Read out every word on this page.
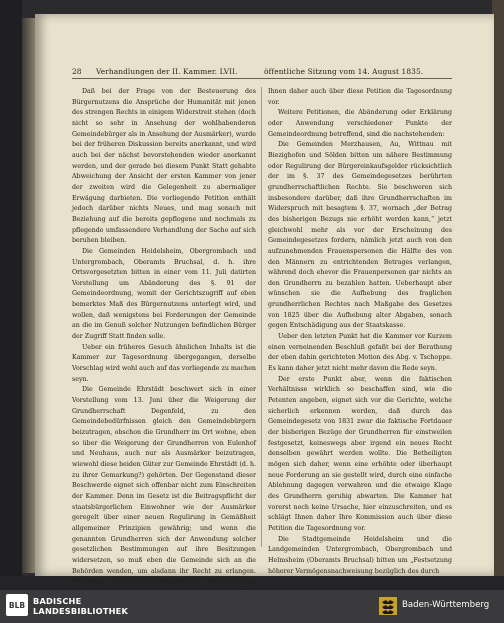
28 Verhandlungen der II. Kammer. LVII.	öffentliche Sitzung vom 14. August 1835.

Daß bei der Frage von der Besteuerung des Bürgernutzens die Ansprüche der Humanität mit jenen des strengen Rechts in einigem Widerstreit stehen (doch nicht so sehr in Ansehung der wohlhabenderen Gemeindebürger als in Ansehung der Ausmärker), wurde bei der früheren Diskussion bereits anerkannt, und wird auch bei der nächst bevorstehenden wieder anerkannt werden, und der gerade bei diesem Punkt Statt gehabte Abweichung der Ansicht der ersten Kammer von jener der zweiten wird die Gelegenheit zu abermaliger Erwägung darbieten. Die vorliegende Petition enthält jedoch darüber nichts Neues, und mag sonach mit Beziehung auf die bereits gepflogene und nochmals zu pflegende umfassendere Verhandlung der Sache auf sich beruhen bleiben.

Die Gemeinden Heidelsheim, Obergrombach und Untergrombach, Oberamts Bruchsal, d. h. ihre Ortsvorgesetzten bitten in einer vom 11. Juli datirten Vorstellung um Abänderung des §. 91 der Gemeindeordnung, womit der Gerichtszugriff auf eben bemerktes Maß des Bürgernutzens unterlegt wird, und wollen, daß wenigstens bei Forderungen der Gemeinde an die im Genuß solcher Nutzungen befindlichen Bürger der Zugriff Statt finden solle.

Ueber ein früheres Gesuch ähnlichen Inhalts ist die Kammer zur Tagesordnung übergegangen, derselbe Vorschlag wird wohl auch auf das vorliegende zu machen seyn.

Die Gemeinde Ehrstädt beschwert sich in einer Vorstellung vom 13. Juni über die Weigerung der Grundherrschaft Degenfeld, zu den Gemeindebedürfnissen gleich den Gemeindebürgern beizutragen, obschon die Grundherr im Ort wohne, eben so über die Weigerung der Grundherren von Eulenhof und Neuhaus, auch nur als Ausmärker beizutragen, wiewohl diese beiden Güter zur Gemeinde Ehrstädt (d. h. zu ihrer Gemarkung?) gehörten. Der Gegenstand dieser Beschwerde eignet sich offenbar nicht zum Einschreiten der Kammer. Denn im Gesetz ist die Beitragspflicht der staatsbürgerlichen Einwohner wie der Ausmärker geregelt über einer neuen Regulirung in Gemäßheit allgemeiner Prinzipien gewährig; und wenn die genannten Grundherren sich der Anwendung solcher gesetzlichen Bestimmungen auf ihre Besitzungen widersetzen, so muß eben die Gemeinde sich an die Behörden wenden, um alsdann ihr Recht zu erlangen. Erst wenn — wie nicht zu erwarten ist — solche Schritte

Ihnen daher auch über diese Petition die Tagesordnung vor.

Weitere Petitionen, die Abänderung oder Erklärung oder Anwendung verschiedener Punkte der Gemeindeordnung betreffend, sind die nachstehenden:

Die Gemeinden Merzhausen, Au, Wittnau mit Biezighofen und Sölden bitten um nähere Bestimmung oder Regulirung der Bürgereinkaufsgelder rücksichtlich der im §. 37 des Gemeindegesetzes berührten grundherrschaftlichen Rechte. Sie beschweren sich insbesondere darüber, daß ihre Grundherrschaften im Widerspruch mit besagtem §. 37, wornach „der Betrag des bisherigen Bezugs nie erhöht werden kann,“ jetzt gleichwohl mehr als vor der Erscheinung des Gemeindegesetzes fordern, nämlich jetzt auch von den aufzunehmenden Frauenspersonen die Hälfte des von den Männern zu entrichtenden Betrages verlangen, während doch ehevor die Frauenpersonen gar nichts an den Grundherrn zu bezahlen hatten. Ueberhaupt aber wünschen sie die Aufhebung des fraglichen grundherrlichen Rechtes nach Maßgabe des Gesetzes von 1825 über die Aufhebung alter Abgaben, sonach gegen Entschädigung aus der Staatskasse.

Ueber den letzten Punkt hat die Kammer vor Kurzem einen verneinenden Beschluß gefaßt bei der Berathung der eben dahin gerichteten Motion des Abg. v. Tschoppe. Es kann daher jetzt nicht mehr davon die Rede seyn.

Der erste Punkt aber, wenn die faktischen Verhältnisse wirklich so beschaffen sind, wie die Petenten angeben, eignet sich vor die Gerichte, welche sicherlich erkennen werden, daß durch das Gemeindegesetz von 1831 zwar die faktische Fortdauer der bisherigen Bezüge der Grundherren für einstweilen festgesetzt, keineswegs aber irgend ein neues Recht denselben gewährt werden wollte. Die Betheiligten mögen sich daher, wenn eine erhöhte oder überhaupt neue Forderung an sie gestellt wird, durch eine einfache Ablehnung dagegen verwahren und die etwaige Klage des Grundherrn geruhig abwarten. Die Kammer hat vorerst noch keine Ursache, hier einzuschreiten, und es schlägt Ihnen daher Ihre Kommission auch über diese Petition die Tagesordnung vor.

Die Stadtgemeinde Heidelsheim und die Landgemeinden Untergrombach, Obergrombach und Helmsheim (Oberamts Bruchsal) bitten um „Festsetzung höherer Vermögensnachweisung bezüglich des durch

BLB BADISCHE
LANDESBIBLIOTHEK
Baden-Württemberg
